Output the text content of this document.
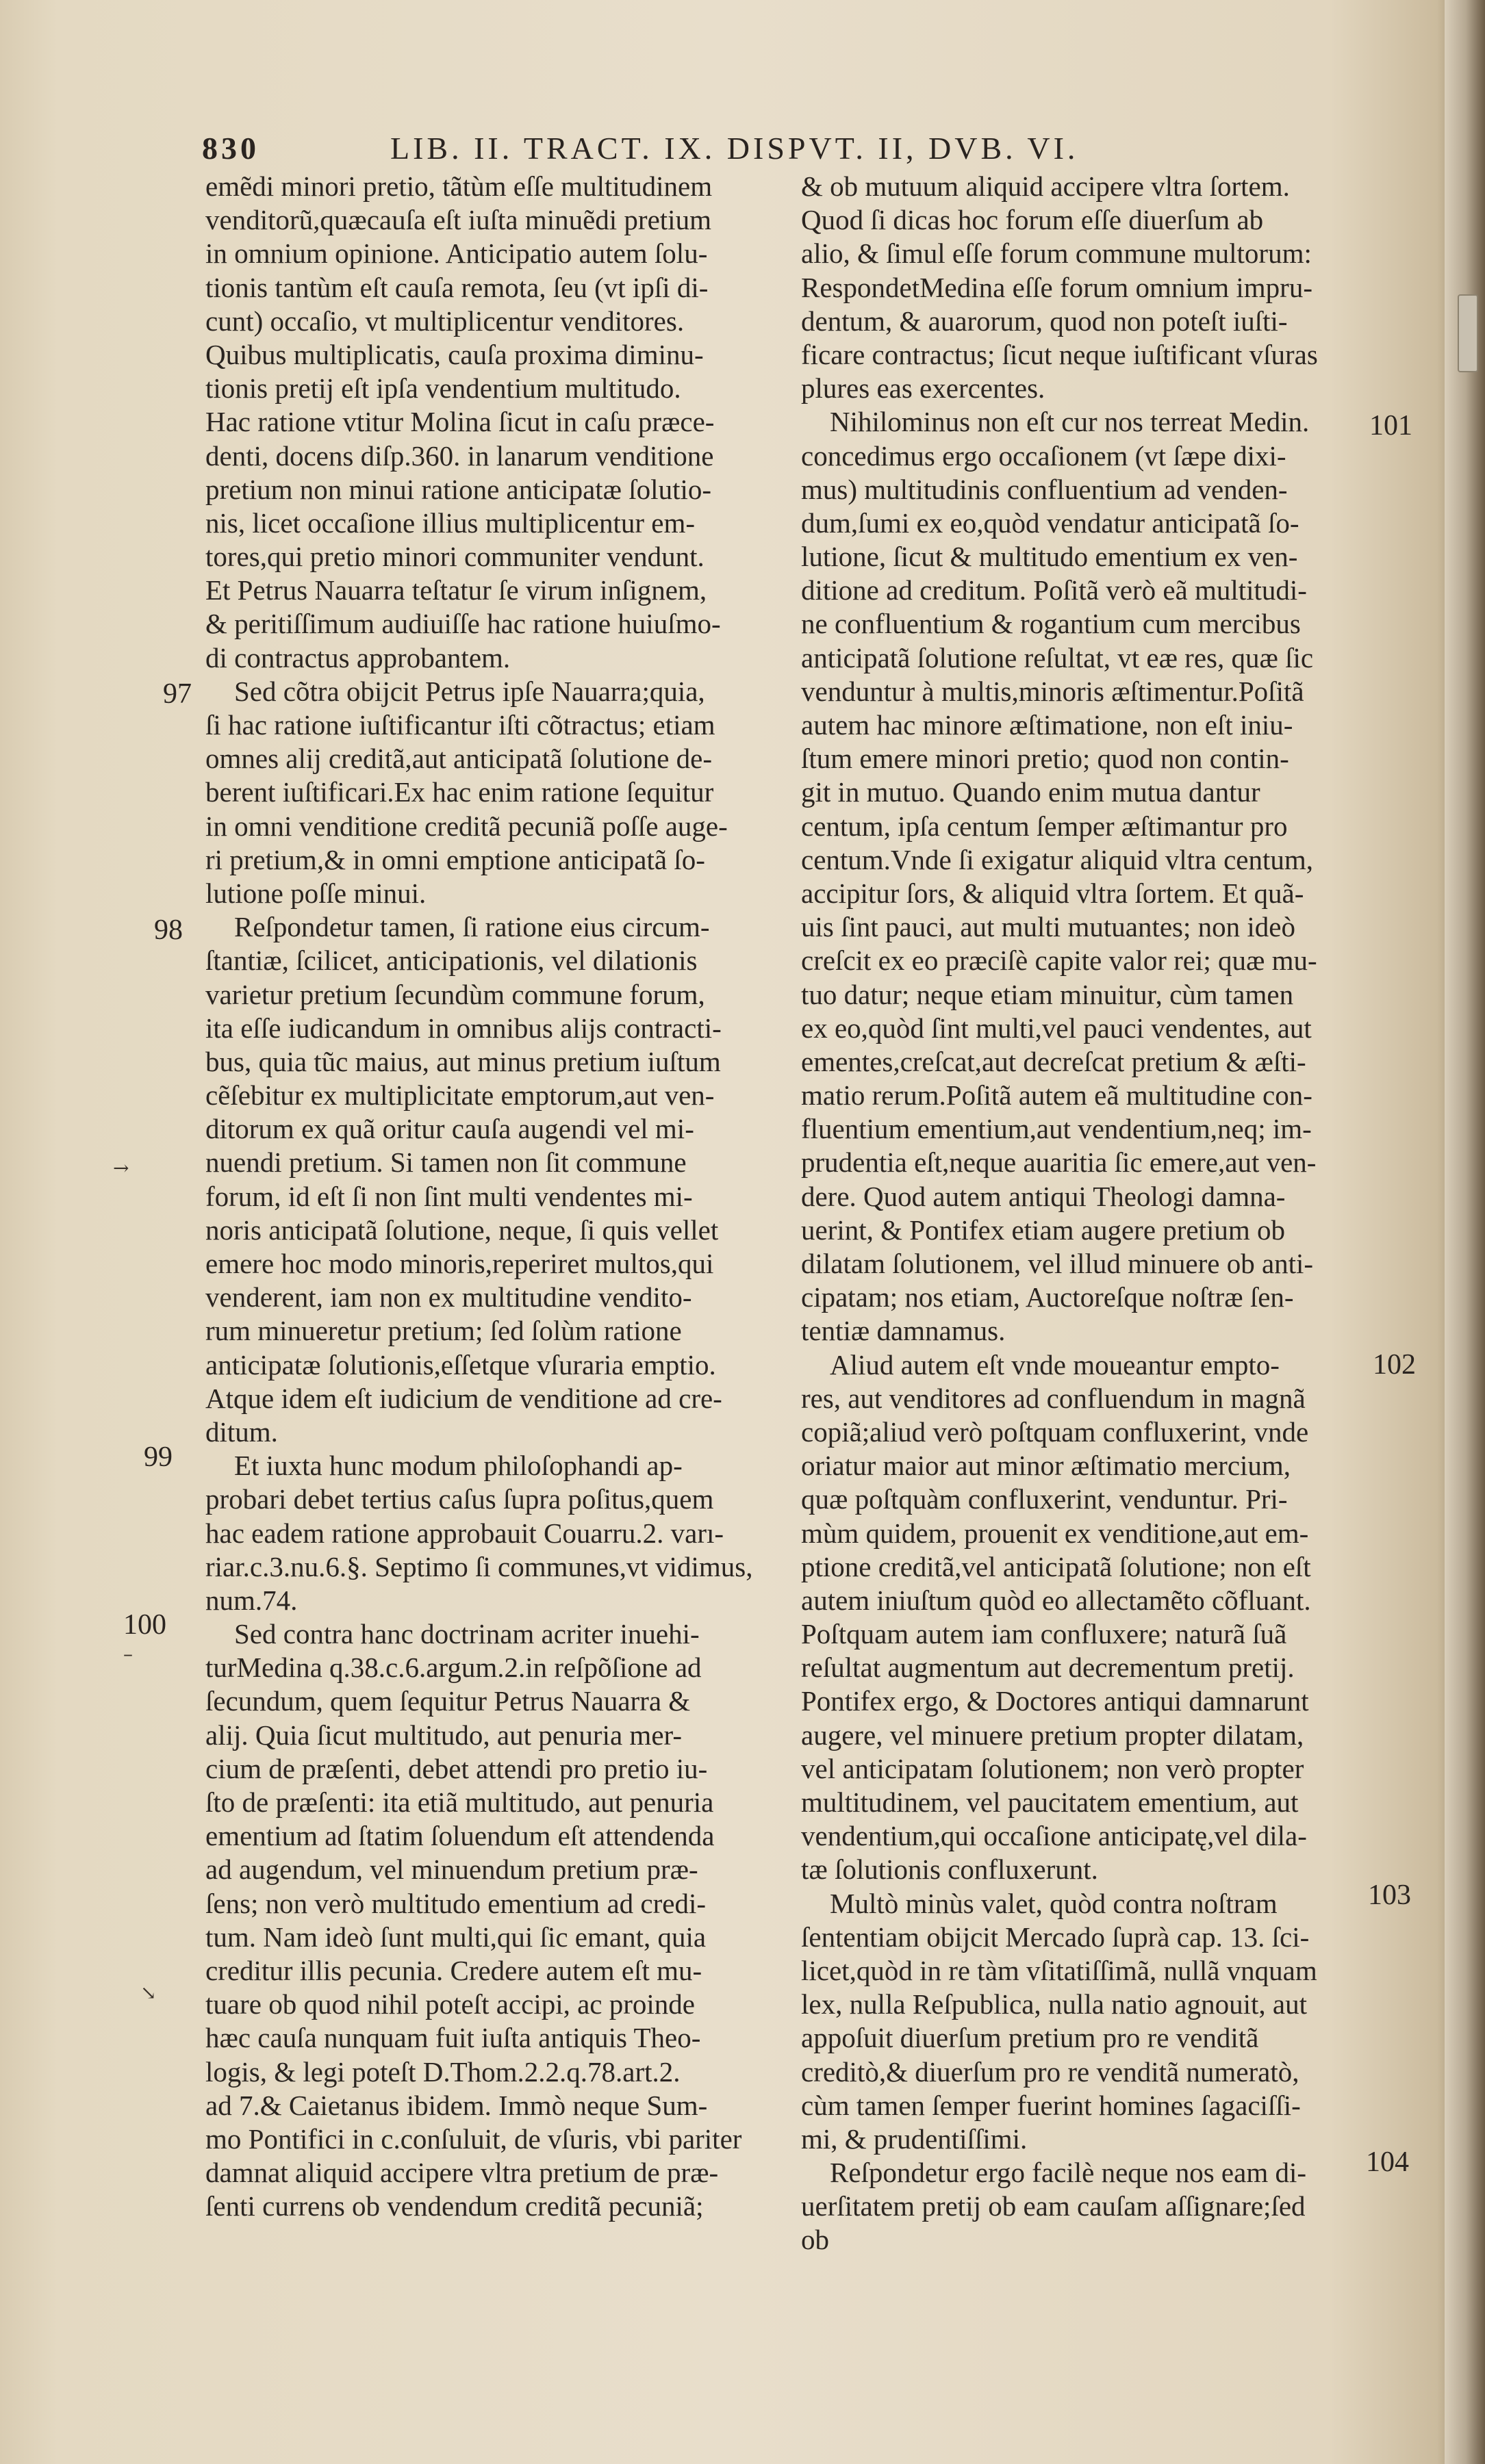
830	LIB. II. TRACT. IX. DISPVT. II, DVB. VI.
emẽdi minori pretio, tãtùm eſſe multitudinem
venditorũ,quæcauſa eſt iuſta minuẽdi pretium
in omnium opinione. Anticipatio autem ſolu-
tionis tantùm eſt cauſa remota, ſeu (vt ipſi di-
cunt) occaſio, vt multiplicentur venditores.
Quibus multiplicatis, cauſa proxima diminu-
tionis pretij eſt ipſa vendentium multitudo.
Hac ratione vtitur Molina ſicut in caſu præce-
denti, docens diſp.360. in lanarum venditione
pretium non minui ratione anticipatæ ſolutio-
nis, licet occaſione illius multiplicentur em-
tores,qui pretio minori communiter vendunt.
Et Petrus Nauarra teſtatur ſe virum inſignem,
& peritiſſimum audiuiſſe hac ratione huiuſmo-
di contractus approbantem.
Sed cõtra obijcit Petrus ipſe Nauarra;quia,
ſi hac ratione iuſtificantur iſti cõtractus; etiam
omnes alij creditã,aut anticipatã ſolutione de-
berent iuſtificari.Ex hac enim ratione ſequitur
in omni venditione creditã pecuniã poſſe auge-
ri pretium,& in omni emptione anticipatã ſo-
lutione poſſe minui.
Reſpondetur tamen, ſi ratione eius circum-
ſtantiæ, ſcilicet, anticipationis, vel dilationis
varietur pretium ſecundùm commune forum,
ita eſſe iudicandum in omnibus alijs contracti-
bus, quia tũc maius, aut minus pretium iuſtum
cẽſebitur ex multiplicitate emptorum,aut ven-
ditorum ex quã oritur cauſa augendi vel mi-
nuendi pretium. Si tamen non ſit commune
forum, id eſt ſi non ſint multi vendentes mi-
noris anticipatã ſolutione, neque, ſi quis vellet
emere hoc modo minoris,reperiret multos,qui
venderent, iam non ex multitudine vendito-
rum minueretur pretium; ſed ſolùm ratione
anticipatæ ſolutionis,eſſetque vſuraria emptio.
Atque idem eſt iudicium de venditione ad cre-
ditum.
Et iuxta hunc modum philoſophandi ap-
probari debet tertius caſus ſupra poſitus,quem
hac eadem ratione approbauit Couarru.2. varı-
riar.c.3.nu.6.§. Septimo ſi communes,vt vidimus,
num.74.
Sed contra hanc doctrinam acriter inuehi-
turMedina q.38.c.6.argum.2.in reſpõſione ad
ſecundum, quem ſequitur Petrus Nauarra &
alij. Quia ſicut multitudo, aut penuria mer-
cium de præſenti, debet attendi pro pretio iu-
ſto de præſenti: ita etiã multitudo, aut penuria
ementium ad ſtatim ſoluendum eſt attendenda
ad augendum, vel minuendum pretium præ-
ſens; non verò multitudo ementium ad credi-
tum. Nam ideò ſunt multi,qui ſic emant, quia
creditur illis pecunia. Credere autem eſt mu-
tuare ob quod nihil poteſt accipi, ac proinde
hæc cauſa nunquam fuit iuſta antiquis Theo-
logis, & legi poteſt D.Thom.2.2.q.78.art.2.
ad 7.& Caietanus ibidem. Immò neque Sum-
mo Pontifici in c.conſuluit, de vſuris, vbi pariter
damnat aliquid accipere vltra pretium de præ-
ſenti currens ob vendendum creditã pecuniã;
& ob mutuum aliquid accipere vltra ſortem.
Quod ſi dicas hoc forum eſſe diuerſum ab
alio, & ſimul eſſe forum commune multorum:
RespondetMedina eſſe forum omnium impru-
dentum, & auarorum, quod non poteſt iuſti-
ficare contractus; ſicut neque iuſtificant vſuras
plures eas exercentes.
Nihilominus non eſt cur nos terreat Medin.
concedimus ergo occaſionem (vt ſæpe dixi-
mus) multitudinis confluentium ad venden-
dum,ſumi ex eo,quòd vendatur anticipatã ſo-
lutione, ſicut & multitudo ementium ex ven-
ditione ad creditum. Poſitã verò eã multitudi-
ne confluentium & rogantium cum mercibus
anticipatã ſolutione reſultat, vt eæ res, quæ ſic
venduntur à multis,minoris æſtimentur.Poſitã
autem hac minore æſtimatione, non eſt iniu-
ſtum emere minori pretio; quod non contin-
git in mutuo. Quando enim mutua dantur
centum, ipſa centum ſemper æſtimantur pro
centum.Vnde ſi exigatur aliquid vltra centum,
accipitur ſors, & aliquid vltra ſortem. Et quã-
uis ſint pauci, aut multi mutuantes; non ideò
creſcit ex eo præciſè capite valor rei; quæ mu-
tuo datur; neque etiam minuitur, cùm tamen
ex eo,quòd ſint multi,vel pauci vendentes, aut
ementes,creſcat,aut decreſcat pretium & æſti-
matio rerum.Poſitã autem eã multitudine con-
fluentium ementium,aut vendentium,neq; im-
prudentia eſt,neque auaritia ſic emere,aut ven-
dere. Quod autem antiqui Theologi damna-
uerint, & Pontifex etiam augere pretium ob
dilatam ſolutionem, vel illud minuere ob anti-
cipatam; nos etiam, Auctoreſque noſtræ ſen-
tentiæ damnamus.
Aliud autem eſt vnde moueantur empto-
res, aut venditores ad confluendum in magnã
copiã;aliud verò poſtquam confluxerint, vnde
oriatur maior aut minor æſtimatio mercium,
quæ poſtquàm confluxerint, venduntur. Pri-
mùm quidem, prouenit ex venditione,aut em-
ptione creditã,vel anticipatã ſolutione; non eſt
autem iniuſtum quòd eo allectamẽto cõfluant.
Poſtquam autem iam confluxere; naturã ſuã
reſultat augmentum aut decrementum pretij.
Pontifex ergo, & Doctores antiqui damnarunt
augere, vel minuere pretium propter dilatam,
vel anticipatam ſolutionem; non verò propter
multitudinem, vel paucitatem ementium, aut
vendentium,qui occaſione anticipatę,vel dila-
tæ ſolutionis confluxerunt.
Multò minùs valet, quòd contra noſtram
ſententiam obijcit Mercado ſuprà cap. 13. ſci-
licet,quòd in re tàm vſitatiſſimã, nullã vnquam
lex, nulla Reſpublica, nulla natio agnouit, aut
appoſuit diuerſum pretium pro re venditã
creditò,& diuerſum pro re venditã numeratò,
cùm tamen ſemper fuerint homines ſagaciſſi-
mi, & prudentiſſimi.
Reſpondetur ergo facilè neque nos eam di-
uerſitatem pretij ob eam cauſam aſſignare;ſed
ob
97
98
99
100
101
102
103
104
→
–
↘
